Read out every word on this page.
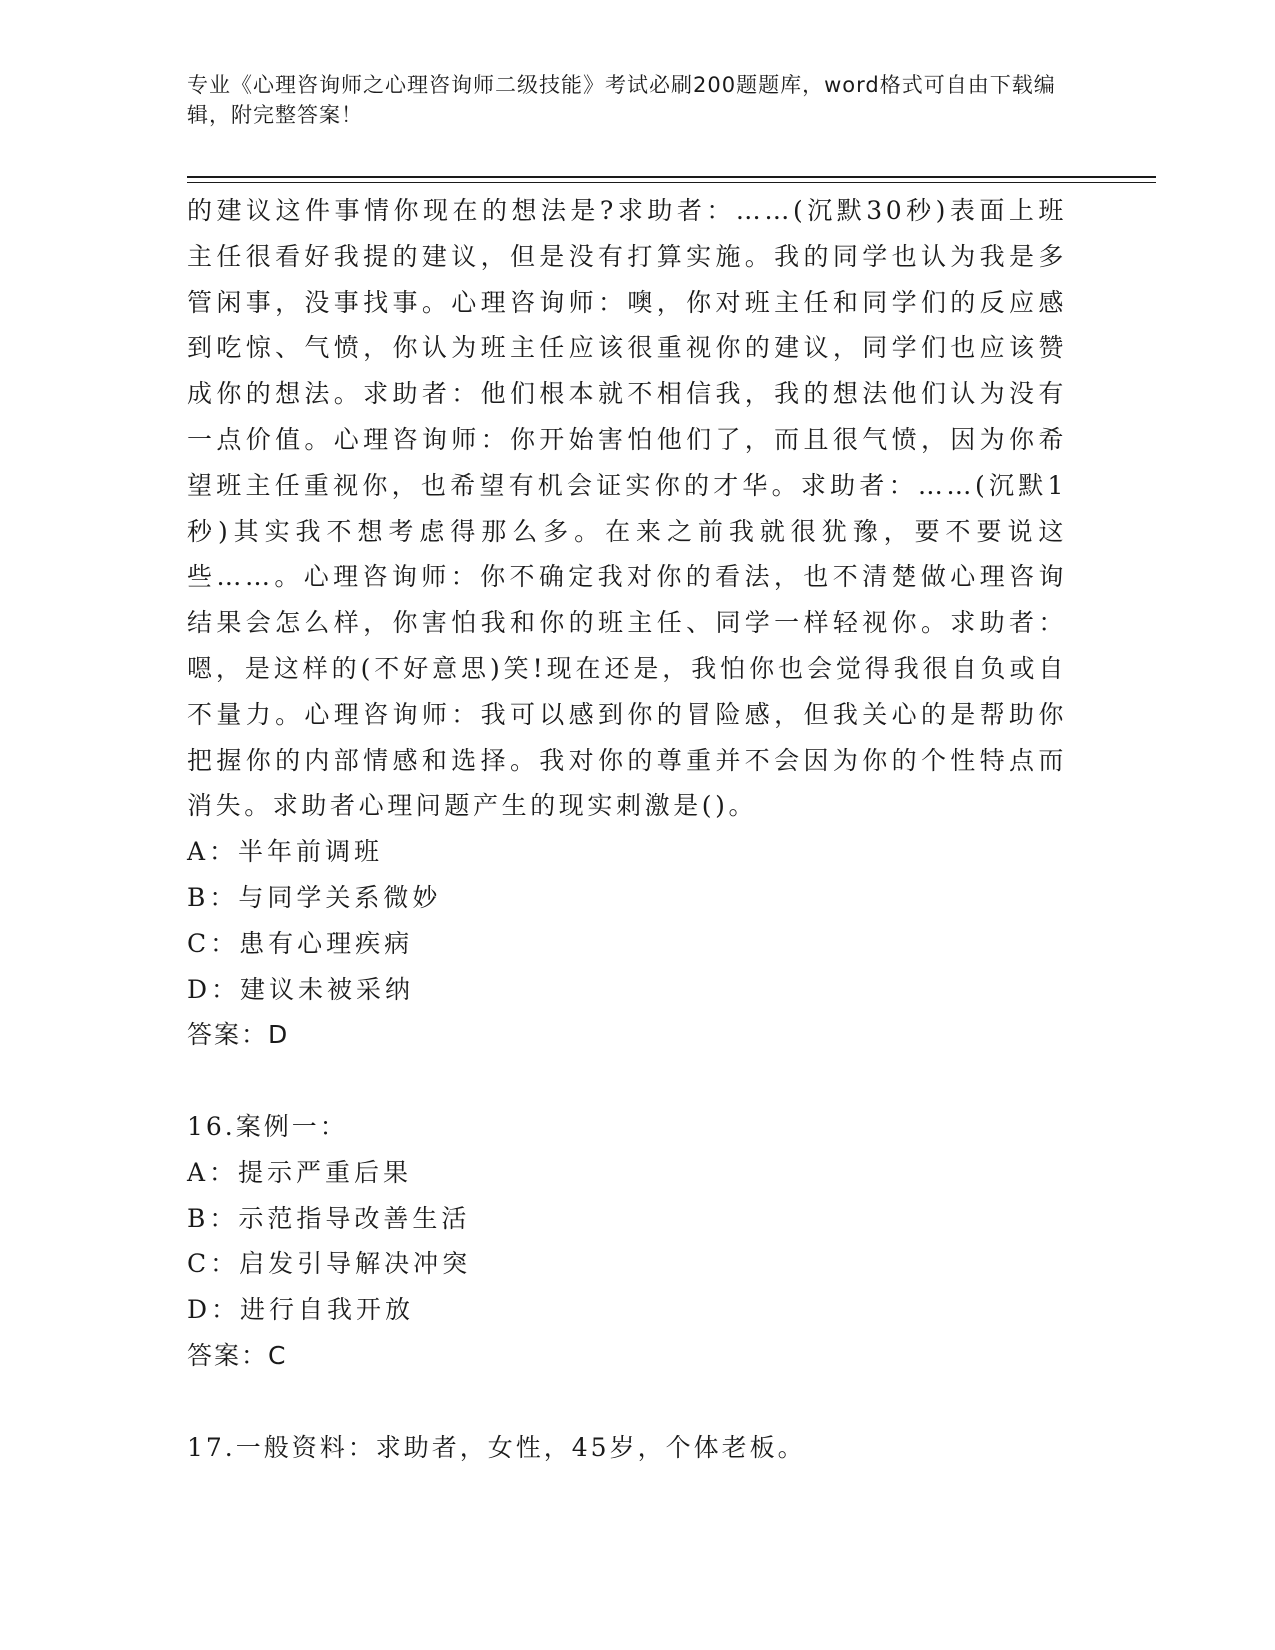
专业《心理咨询师之心理咨询师二级技能》考试必刷200题题库，word格式可自由下载编辑，附完整答案！

的建议这件事情你现在的想法是?求助者：……(沉默30秒)表面上班主任很看好我提的建议，但是没有打算实施。我的同学也认为我是多管闲事，没事找事。心理咨询师：噢，你对班主任和同学们的反应感到吃惊、气愤，你认为班主任应该很重视你的建议，同学们也应该赞成你的想法。求助者：他们根本就不相信我，我的想法他们认为没有一点价值。心理咨询师：你开始害怕他们了，而且很气愤，因为你希望班主任重视你，也希望有机会证实你的才华。求助者：……(沉默1秒)其实我不想考虑得那么多。在来之前我就很犹豫，要不要说这些……。心理咨询师：你不确定我对你的看法，也不清楚做心理咨询结果会怎么样，你害怕我和你的班主任、同学一样轻视你。求助者：嗯，是这样的(不好意思)笑!现在还是，我怕你也会觉得我很自负或自不量力。心理咨询师：我可以感到你的冒险感，但我关心的是帮助你把握你的内部情感和选择。我对你的尊重并不会因为你的个性特点而消失。求助者心理问题产生的现实刺激是()。

A：半年前调班
B：与同学关系微妙
C：患有心理疾病
D：建议未被采纳
答案：D
16.案例一：
A：提示严重后果
B：示范指导改善生活
C：启发引导解决冲突
D：进行自我开放
答案：C
17.一般资料：求助者，女性，45岁，个体老板。
